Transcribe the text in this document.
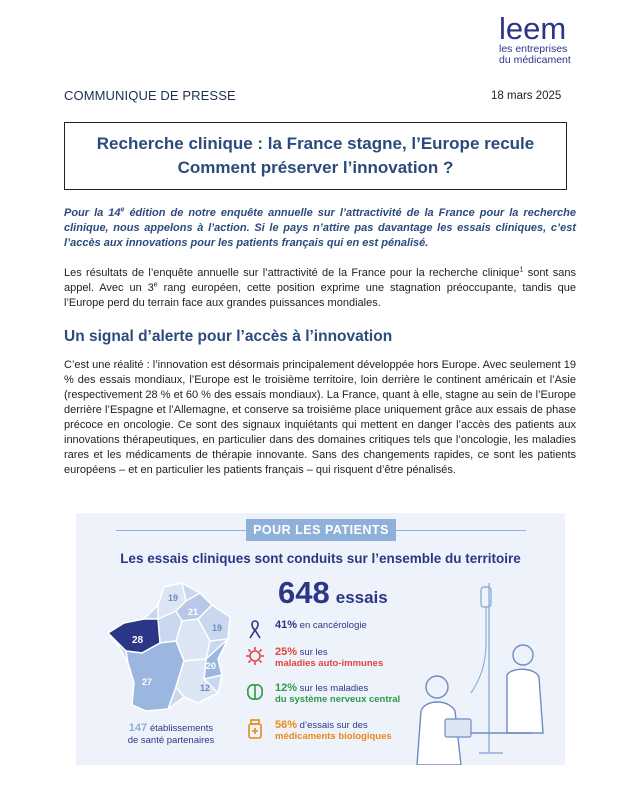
leem
les entreprises
du médicament
COMMUNIQUE DE PRESSE	18 mars 2025
Recherche clinique : la France stagne, l’Europe recule
Comment préserver l’innovation ?
Pour la 14e édition de notre enquête annuelle sur l’attractivité de la France pour la recherche clinique, nous appelons à l’action. Si le pays n’attire pas davantage les essais cliniques, c’est l’accès aux innovations pour les patients français qui en est pénalisé.
Les résultats de l’enquête annuelle sur l’attractivité de la France pour la recherche clinique$^1$ sont sans appel. Avec un 3e rang européen, cette position exprime une stagnation préoccupante, tandis que l’Europe perd du terrain face aux grandes puissances mondiales.
Un signal d’alerte pour l’accès à l’innovation
C’est une réalité : l’innovation est désormais principalement développée hors Europe. Avec seulement 19 % des essais mondiaux, l’Europe est le troisième territoire, loin derrière le continent américain et l’Asie (respectivement 28 % et 60 % des essais mondiaux). La France, quant à elle, stagne au sein de l’Europe derrière l’Espagne et l’Allemagne, et conserve sa troisième place uniquement grâce aux essais de phase précoce en oncologie. Ce sont des signaux inquiétants qui mettent en danger l’accès des patients aux innovations thérapeutiques, en particulier dans des domaines critiques tels que l’oncologie, les maladies rares et les médicaments de thérapie innovante. Sans des changements rapides, ce sont les patients européens – et en particulier les patients français – qui risquent d’être pénalisés.
POUR LES PATIENTS
Les essais cliniques sont conduits sur l’ensemble du territoire
19
21
28
19
20
27
12
648 essais
41% en cancérologie
25% sur les
maladies auto-immunes
12% sur les maladies
du système nerveux central
56% d’essais sur des
médicaments biologiques
147 établissements
de santé partenaires
